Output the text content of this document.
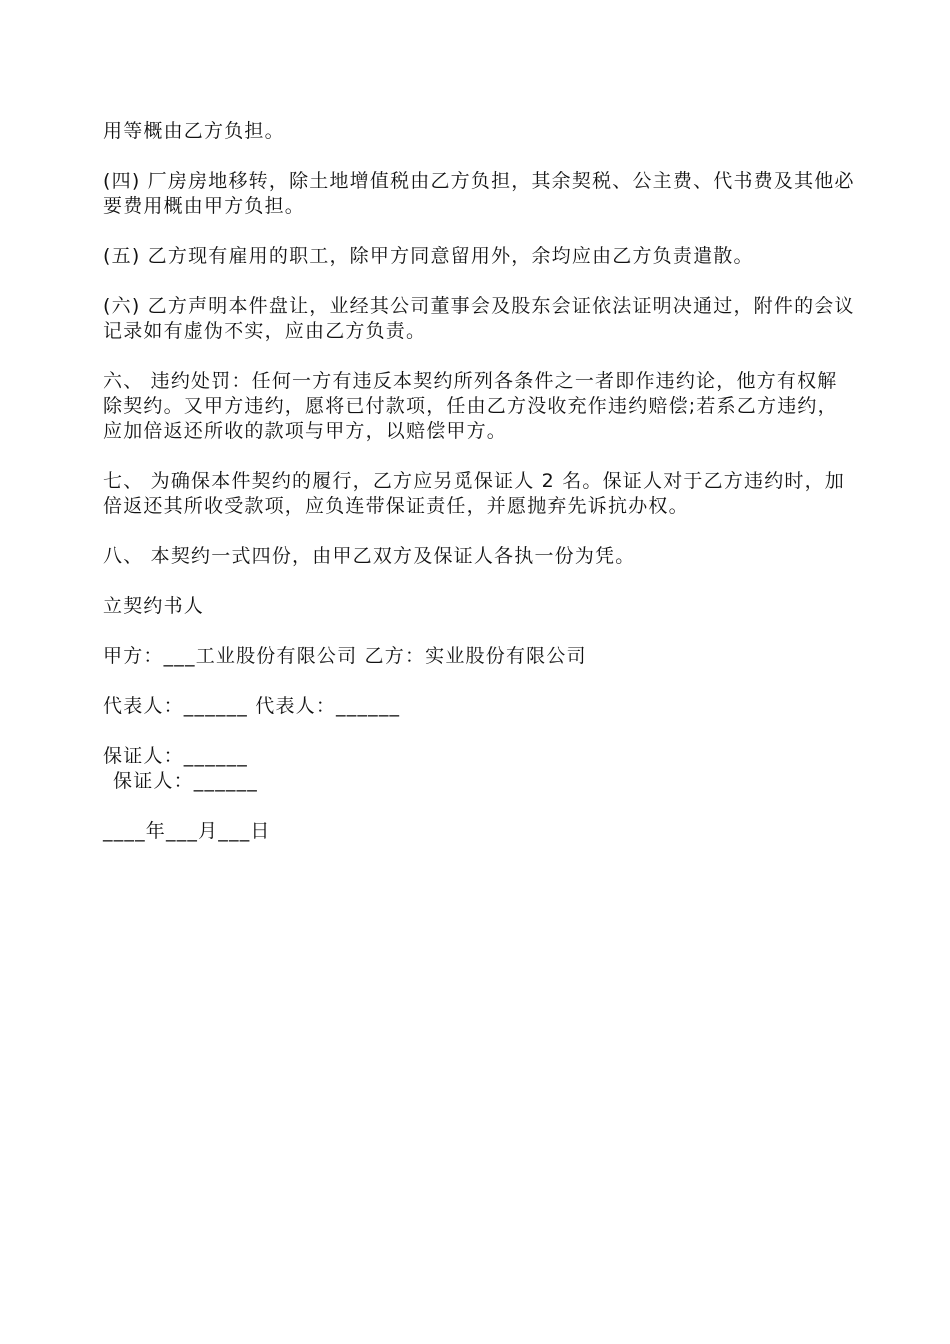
用等概由乙方负担。

(四) 厂房房地移转，除土地增值税由乙方负担，其余契税、公主费、代书费及其他必要费用概由甲方负担。

(五) 乙方现有雇用的职工，除甲方同意留用外，余均应由乙方负责遣散。

(六) 乙方声明本件盘让，业经其公司董事会及股东会证依法证明决通过，附件的会议记录如有虚伪不实，应由乙方负责。

六、 违约处罚：任何一方有违反本契约所列各条件之一者即作违约论，他方有权解除契约。又甲方违约，愿将已付款项，任由乙方没收充作违约赔偿;若系乙方违约，应加倍返还所收的款项与甲方，以赔偿甲方。

七、 为确保本件契约的履行，乙方应另觅保证人 2 名。保证人对于乙方违约时，加倍返还其所收受款项，应负连带保证责任，并愿抛弃先诉抗办权。

八、 本契约一式四份，由甲乙双方及保证人各执一份为凭。

立契约书人

甲方：___工业股份有限公司 乙方：实业股份有限公司

代表人：______ 代表人：______

保证人：______

保证人：______

____年___月___日
